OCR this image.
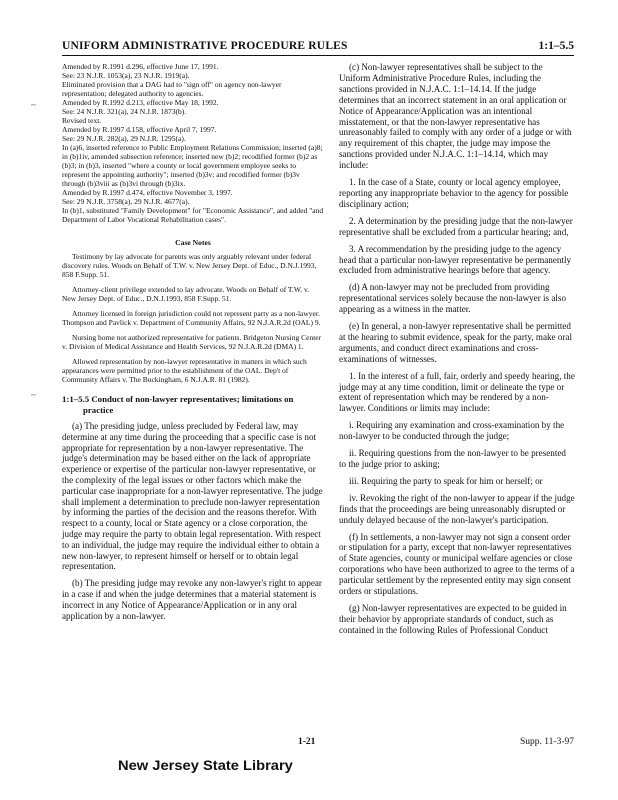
UNIFORM ADMINISTRATIVE PROCEDURE RULES	1:1–5.5
~
~

Amended by R.1991 d.296, effective June 17, 1991.

See: 23 N.J.R. 1053(a), 23 N.J.R. 1919(a).

Eliminated provision that a DAG had to "sign off" on agency non-lawyer representation; delegated authority to agencies.

Amended by R.1992 d.213, effective May 18, 1992.

See: 24 N.J.R. 321(a), 24 N.J.R. 1873(b).

Revised text.

Amended by R.1997 d.158, effective April 7, 1997.

See: 29 N.J.R. 282(a), 29 N.J.R. 1295(a).

In (a)6, inserted reference to Public Employment Relations Commission; inserted (a)8; in (b)1iv, amended subsection reference; inserted new (b)2; recodified former (b)2 as (b)3; in (b)3, inserted "where a county or local government employee seeks to represent the appointing authority"; inserted (b)3v; and recodified former (b)3v through (b)3viii as (b)3vi through (b)3ix.

Amended by R.1997 d.474, effective November 3, 1997.

See: 29 N.J.R. 3758(a), 29 N.J.R. 4677(a).

In (b)1, substituted "Family Development" for "Economic Assistance", and added "and Department of Labor Vocational Rehabilitation cases".

Case Notes

Testimony by lay advocate for parents was only arguably relevant under federal discovery rules. Woods on Behalf of T.W. v. New Jersey Dept. of Educ., D.N.J.1993, 858 F.Supp. 51.

Attorney-client privilege extended to lay advocate. Woods on Behalf of T.W. v. New Jersey Dept. of Educ., D.N.J.1993, 858 F.Supp. 51.

Attorney licensed in foreign jurisdiction could not represent party as a non-lawyer. Thompson and Pavlick v. Department of Community Affairs, 92 N.J.A.R.2d (OAL) 9.

Nursing home not authorized representative for patients. Bridgeton Nursing Center v. Division of Medical Assistance and Health Services, 92 N.J.A.R.2d (DMA) 1.

Allowed representation by non-lawyer representative in matters in which such appearances were permitted prior to the establishment of the OAL. Dep't of Community Affairs v. The Buckingham, 6 N.J.A.R. 81 (1982).

1:1–5.5 Conduct of non-lawyer representatives; limitations on practice

(a) The presiding judge, unless precluded by Federal law, may determine at any time during the proceeding that a specific case is not appropriate for representation by a non-lawyer representative. The judge's determination may be based either on the lack of appropriate experience or expertise of the particular non-lawyer representative, or the complexity of the legal issues or other factors which make the particular case inappropriate for a non-lawyer representative. The judge shall implement a determination to preclude non-lawyer representation by informing the parties of the decision and the reasons therefor. With respect to a county, local or State agency or a close corporation, the judge may require the party to obtain legal representation. With respect to an individual, the judge may require the individual either to obtain a new non-lawyer, to represent himself or herself or to obtain legal representation.

(b) The presiding judge may revoke any non-lawyer's right to appear in a case if and when the judge determines that a material statement is incorrect in any Notice of Appearance/Application or in any oral application by a non-lawyer.

(c) Non-lawyer representatives shall be subject to the Uniform Administrative Procedure Rules, including the sanctions provided in N.J.A.C. 1:1–14.14. If the judge determines that an incorrect statement in an oral application or Notice of Appearance/Application was an intentional misstatement, or that the non-lawyer representative has unreasonably failed to comply with any order of a judge or with any requirement of this chapter, the judge may impose the sanctions provided under N.J.A.C. 1:1–14.14, which may include:

1. In the case of a State, county or local agency employee, reporting any inappropriate behavior to the agency for possible disciplinary action;

2. A determination by the presiding judge that the non-lawyer representative shall be excluded from a particular hearing; and,

3. A recommendation by the presiding judge to the agency head that a particular non-lawyer representative be permanently excluded from administrative hearings before that agency.

(d) A non-lawyer may not be precluded from providing representational services solely because the non-lawyer is also appearing as a witness in the matter.

(e) In general, a non-lawyer representative shall be permitted at the hearing to submit evidence, speak for the party, make oral arguments, and conduct direct examinations and cross-examinations of witnesses.

1. In the interest of a full, fair, orderly and speedy hearing, the judge may at any time condition, limit or delineate the type or extent of representation which may be rendered by a non-lawyer. Conditions or limits may include:

i. Requiring any examination and cross-examination by the non-lawyer to be conducted through the judge;

ii. Requiring questions from the non-lawyer to be presented to the judge prior to asking;

iii. Requiring the party to speak for him or herself; or

iv. Revoking the right of the non-lawyer to appear if the judge finds that the proceedings are being unreasonably disrupted or unduly delayed because of the non-lawyer's participation.

(f) In settlements, a non-lawyer may not sign a consent order or stipulation for a party, except that non-lawyer representatives of State agencies, county or municipal welfare agencies or close corporations who have been authorized to agree to the terms of a particular settlement by the represented entity may sign consent orders or stipulations.

(g) Non-lawyer representatives are expected to be guided in their behavior by appropriate standards of conduct, such as contained in the following Rules of Professional Conduct

1-21	Supp. 11-3-97
New Jersey State Library
